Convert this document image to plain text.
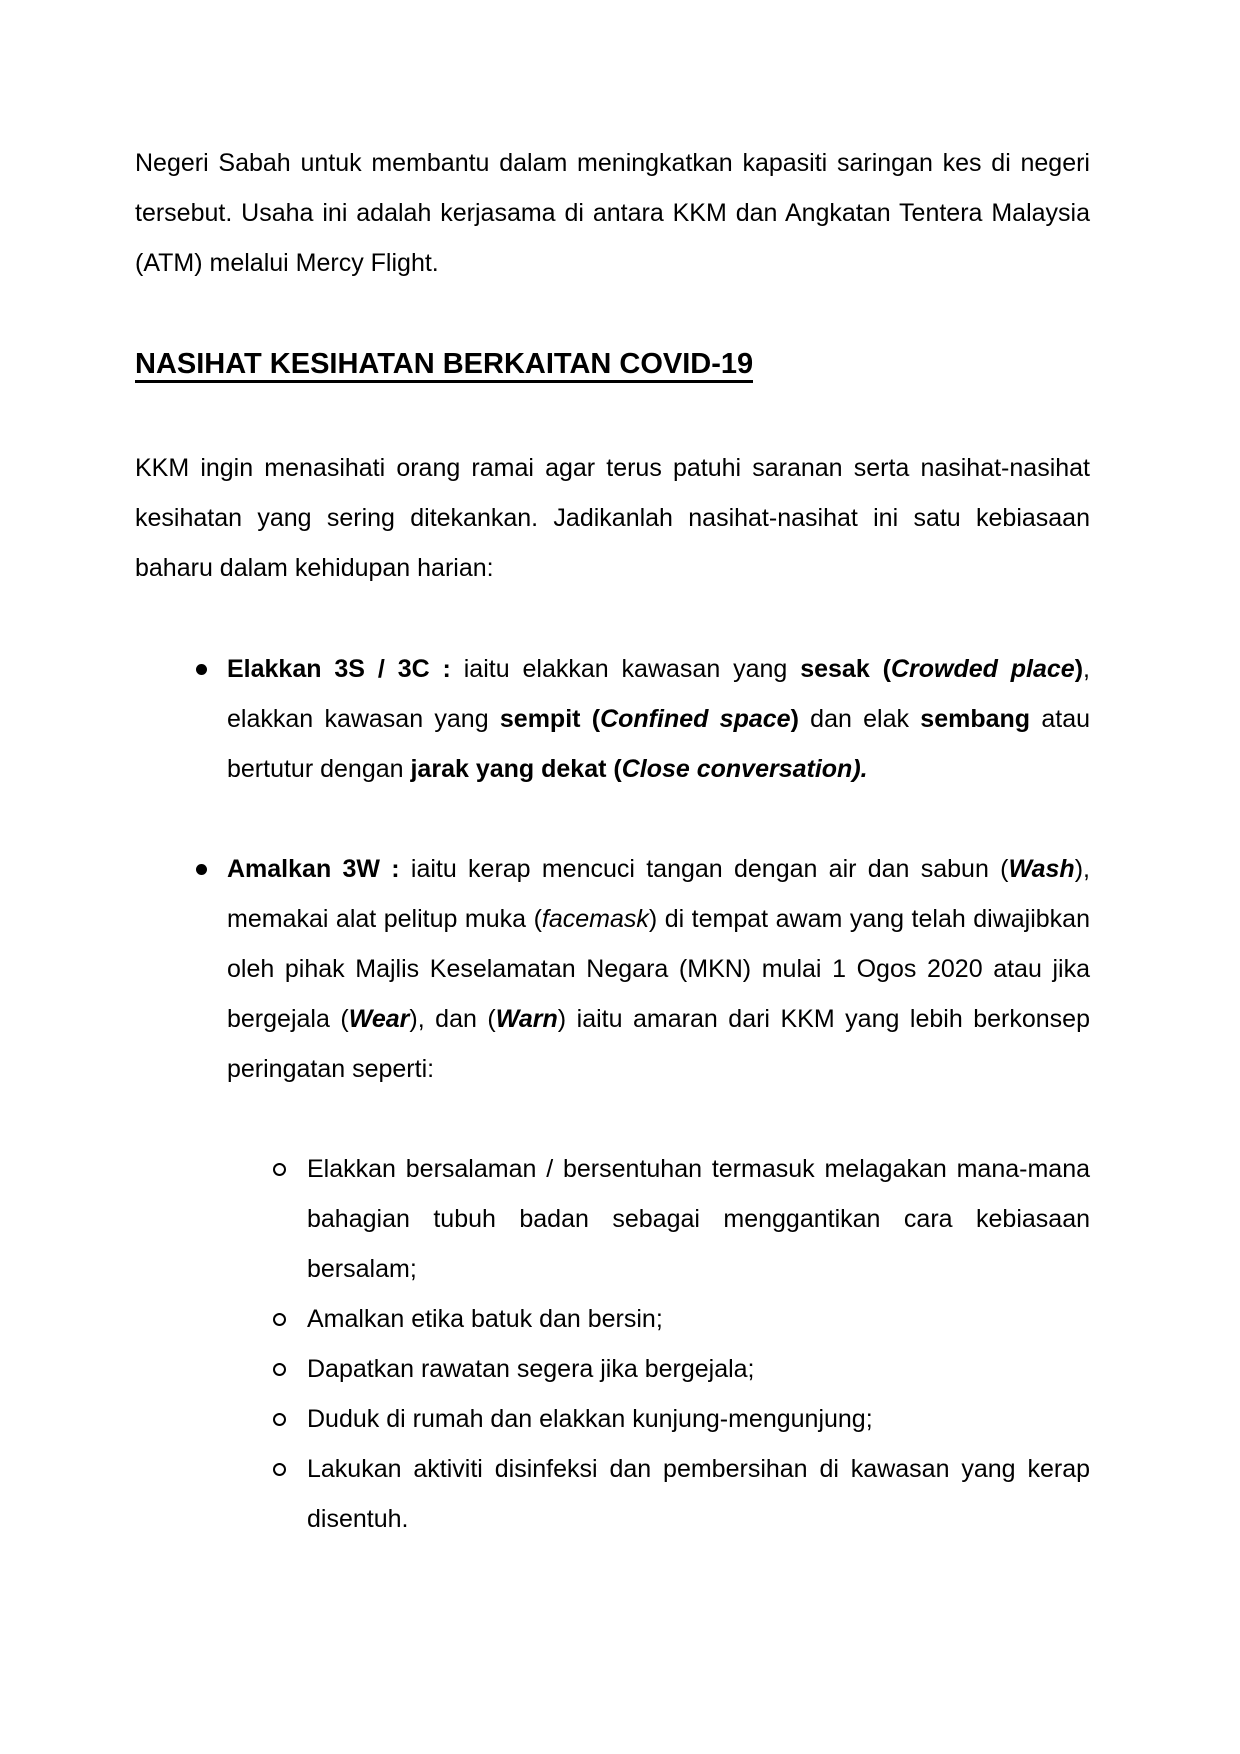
Negeri Sabah untuk membantu dalam meningkatkan kapasiti saringan kes di negeri tersebut. Usaha ini adalah kerjasama di antara KKM dan Angkatan Tentera Malaysia (ATM) melalui Mercy Flight.

NASIHAT KESIHATAN BERKAITAN COVID-19

KKM ingin menasihati orang ramai agar terus patuhi saranan serta nasihat-nasihat kesihatan yang sering ditekankan. Jadikanlah nasihat-nasihat ini satu kebiasaan baharu dalam kehidupan harian:

Elakkan 3S / 3C : iaitu elakkan kawasan yang sesak (Crowded place), elakkan kawasan yang sempit (Confined space) dan elak sembang atau bertutur dengan jarak yang dekat (Close conversation).
Amalkan 3W : iaitu kerap mencuci tangan dengan air dan sabun (Wash), memakai alat pelitup muka (facemask) di tempat awam yang telah diwajibkan oleh pihak Majlis Keselamatan Negara (MKN) mulai 1 Ogos 2020 atau jika bergejala (Wear), dan (Warn) iaitu amaran dari KKM yang lebih berkonsep peringatan seperti:
Elakkan bersalaman / bersentuhan termasuk melagakan mana-mana bahagian tubuh badan sebagai menggantikan cara kebiasaan bersalam;
Amalkan etika batuk dan bersin;
Dapatkan rawatan segera jika bergejala;
Duduk di rumah dan elakkan kunjung-mengunjung;
Lakukan aktiviti disinfeksi dan pembersihan di kawasan yang kerap disentuh.
